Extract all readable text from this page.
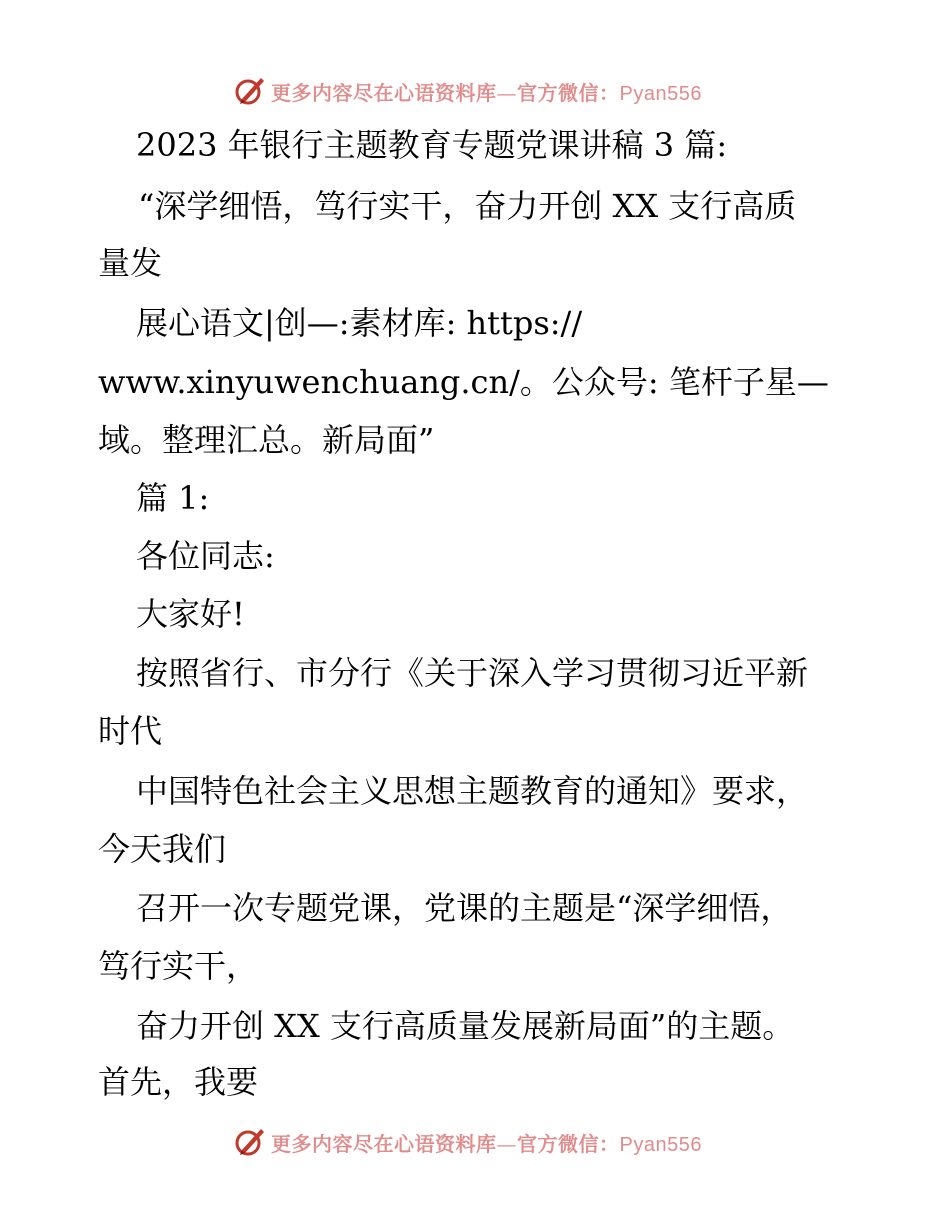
更多内容尽在心语资料库—官方微信：Pyan556
2023 年银行主题教育专题党课讲稿 3 篇:
“深学细悟，笃行实干，奋力开创 XX 支行高质
量发
展心语文|创—:素材库: https://
www.xinyuwenchuang.cn/。公众号: 笔杆子星—
域。整理汇总。新局面”
篇 1:
各位同志:
大家好!
按照省行、市分行《关于深入学习贯彻习近平新
时代
中国特色社会主义思想主题教育的通知》要求，
今天我们
召开一次专题党课，党课的主题是“深学细悟，
笃行实干，
奋力开创 XX 支行高质量发展新局面”的主题。
首先，我要
更多内容尽在心语资料库—官方微信：Pyan556
